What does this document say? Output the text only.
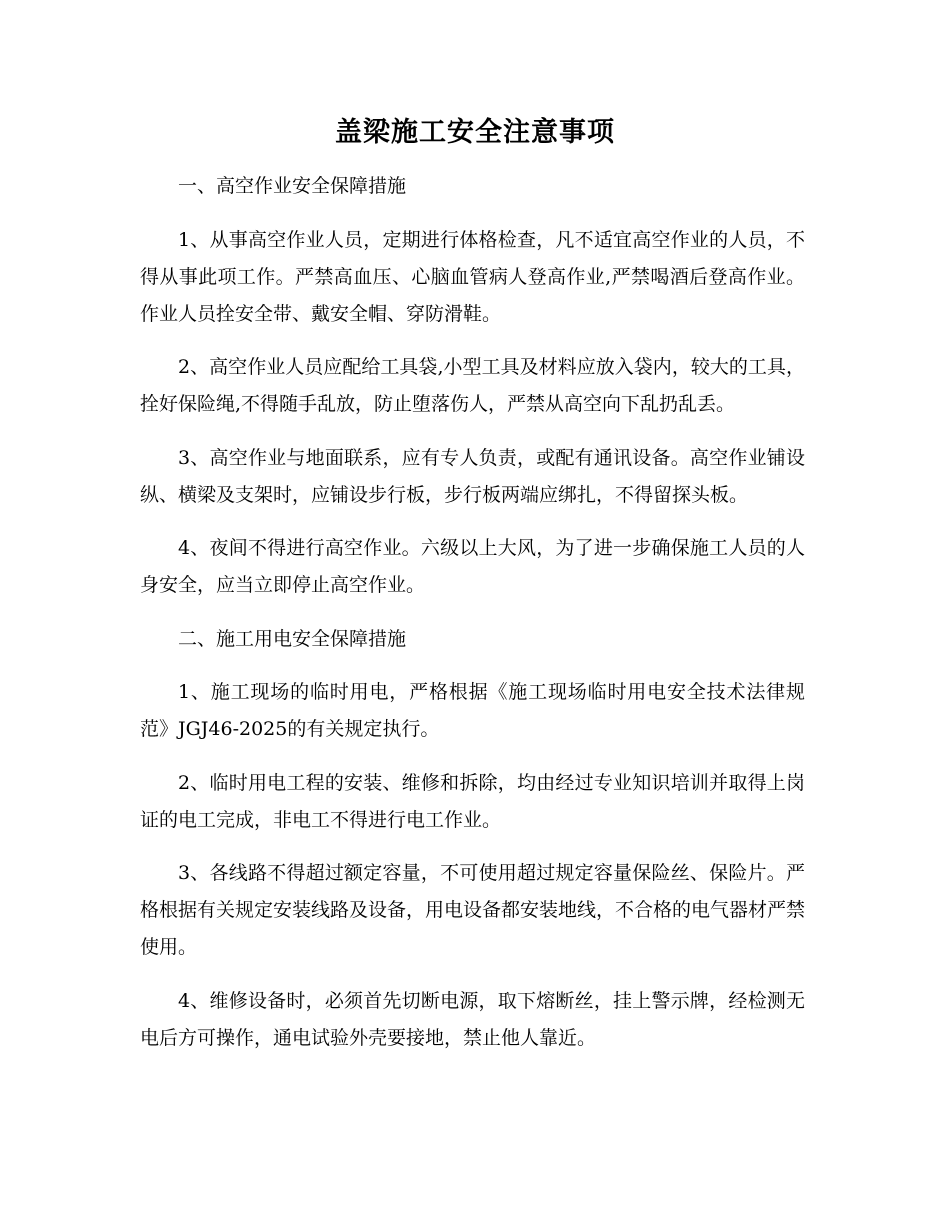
盖梁施工安全注意事项

一、高空作业安全保障措施

1、从事高空作业人员，定期进行体格检查，凡不适宜高空作业的人员，不得从事此项工作。严禁高血压、心脑血管病人登高作业,严禁喝酒后登高作业。作业人员拴安全带、戴安全帽、穿防滑鞋。

2、高空作业人员应配给工具袋,小型工具及材料应放入袋内，较大的工具，拴好保险绳,不得随手乱放，防止堕落伤人，严禁从高空向下乱扔乱丢。

3、高空作业与地面联系，应有专人负责，或配有通讯设备。高空作业铺设纵、横梁及支架时，应铺设步行板，步行板两端应绑扎，不得留探头板。

4、夜间不得进行高空作业。六级以上大风，为了进一步确保施工人员的人身安全，应当立即停止高空作业。

二、施工用电安全保障措施

1、施工现场的临时用电，严格根据《施工现场临时用电安全技术法律规范》JGJ46-2025的有关规定执行。

2、临时用电工程的安装、维修和拆除，均由经过专业知识培训并取得上岗证的电工完成，非电工不得进行电工作业。

3、各线路不得超过额定容量，不可使用超过规定容量保险丝、保险片。严格根据有关规定安装线路及设备，用电设备都安装地线，不合格的电气器材严禁使用。

4、维修设备时，必须首先切断电源，取下熔断丝，挂上警示牌，经检测无电后方可操作，通电试验外壳要接地，禁止他人靠近。
